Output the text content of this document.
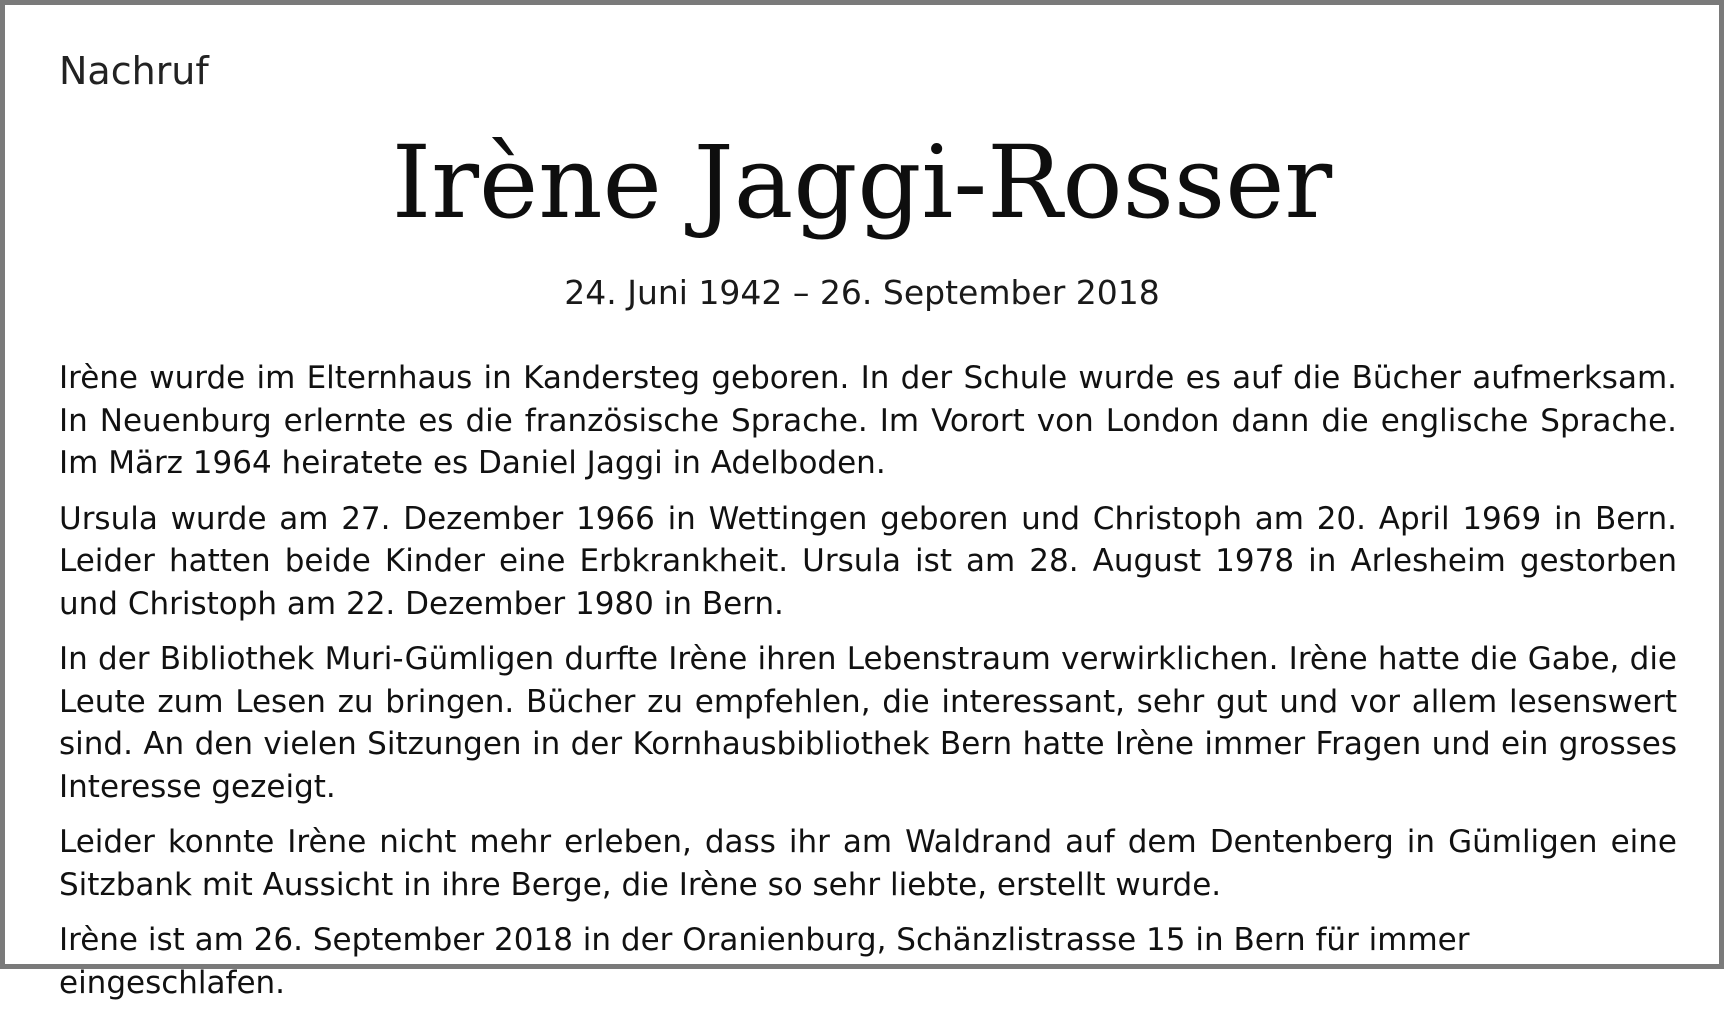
Nachruf
Irène Jaggi-Rosser
24. Juni 1942 – 26. September 2018

Irène wurde im Elternhaus in Kandersteg geboren. In der Schule wurde es auf die Bücher aufmerksam. In Neuenburg erlernte es die französische Sprache. Im Vorort von London dann die englische Sprache. Im März 1964 heiratete es Daniel Jaggi in Adelboden.

Ursula wurde am 27. Dezember 1966 in Wettingen geboren und Christoph am 20. April 1969 in Bern. Leider hatten beide Kinder eine Erbkrankheit. Ursula ist am 28. August 1978 in Arlesheim gestorben und Christoph am 22. Dezember 1980 in Bern.

In der Bibliothek Muri-Gümligen durfte Irène ihren Lebenstraum verwirklichen. Irène hatte die Gabe, die Leute zum Lesen zu bringen. Bücher zu empfehlen, die interessant, sehr gut und vor allem lesenswert sind. An den vielen Sitzungen in der Kornhausbibliothek Bern hatte Irène immer Fragen und ein grosses Interesse gezeigt.

Leider konnte Irène nicht mehr erleben, dass ihr am Waldrand auf dem Dentenberg in Gümligen eine Sitzbank mit Aussicht in ihre Berge, die Irène so sehr liebte, erstellt wurde.

Irène ist am 26. September 2018 in der Oranienburg, Schänzlistrasse 15 in Bern für immer eingeschlafen.
